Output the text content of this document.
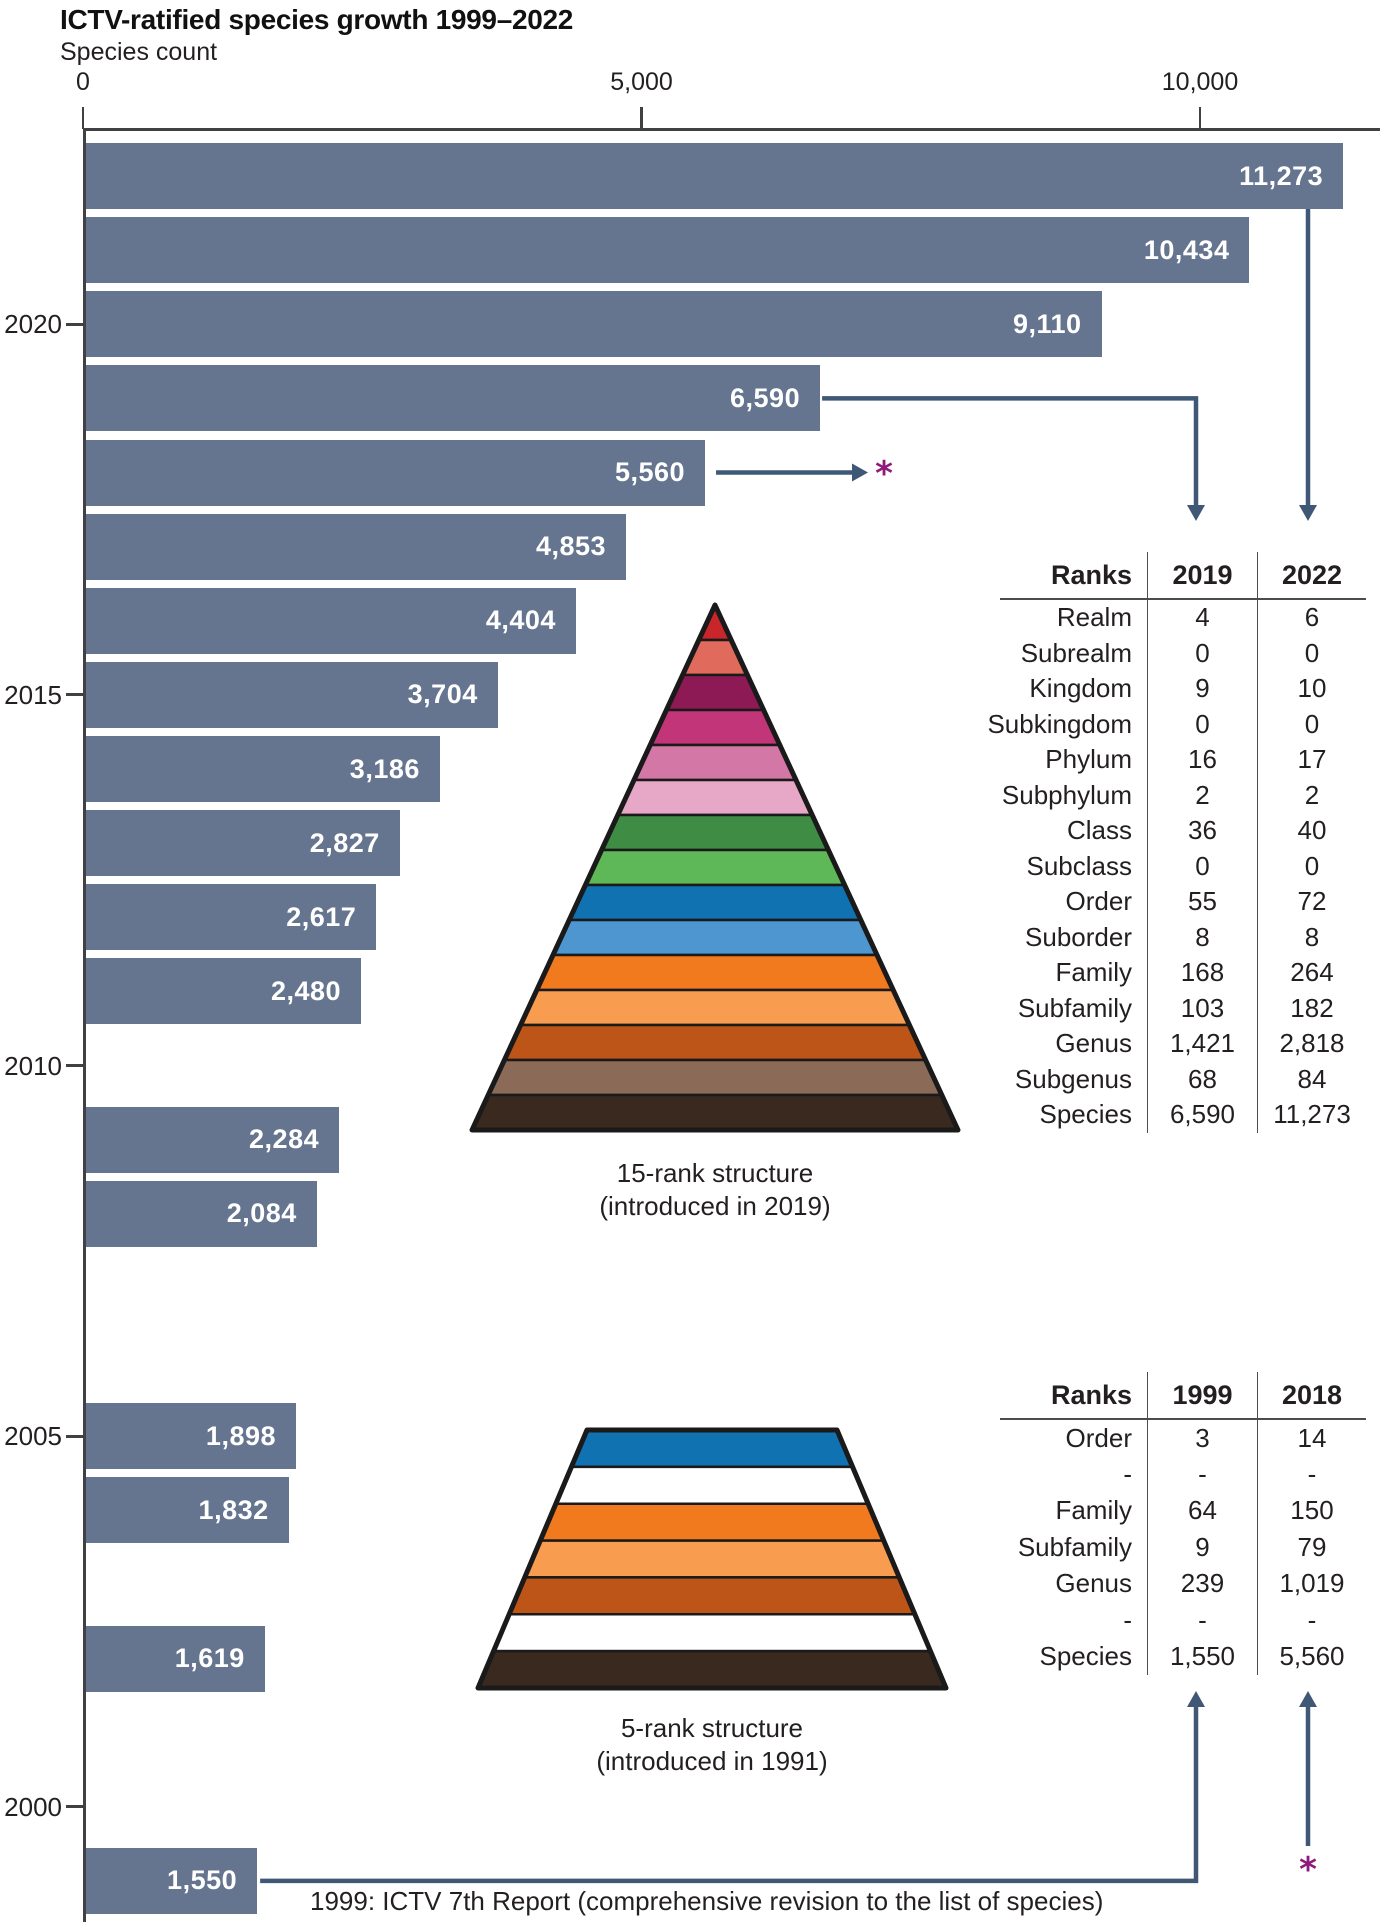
ICTV-ratified species growth 1999–2022
Species count
11,273
10,434
9,110
6,590
5,560
4,853
4,404
3,704
3,186
2,827
2,617
2,480
2,284
2,084
1,898
1,832
1,619
1,550
15-rank structure
(introduced in 2019)
5-rank structure
(introduced in 1991)
*
*
1999: ICTV 7th Report (comprehensive revision to the list of species)
0	5,000	10,000
2020
2015
2010
2005
2000
Ranks	2019	2022
Realm	4	6
Subrealm	0	0
Kingdom	9	10
Subkingdom	0	0
Phylum	16	17
Subphylum	2	2
Class	36	40
Subclass	0	0
Order	55	72
Suborder	8	8
Family	168	264
Subfamily	103	182
Genus	1,421	2,818
Subgenus	68	84
Species	6,590	11,273
Ranks	1999	2018
Order	3	14
-	-	-
Family	64	150
Subfamily	9	79
Genus	239	1,019
-	-	-
Species	1,550	5,560
